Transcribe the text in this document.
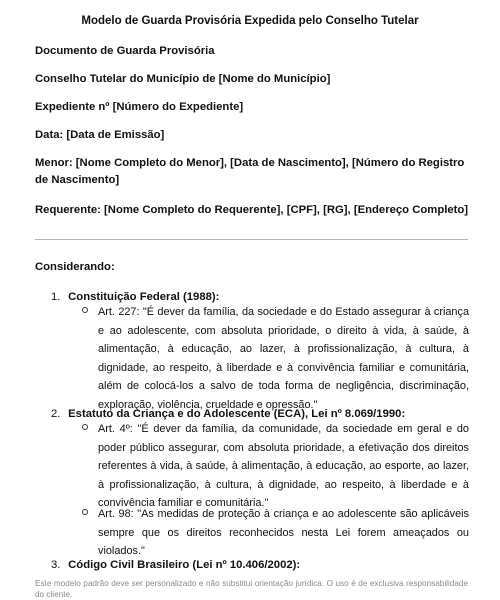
Modelo de Guarda Provisória Expedida pelo Conselho Tutelar

Documento de Guarda Provisória

Conselho Tutelar do Município de [Nome do Município]

Expediente nº [Número do Expediente]

Data: [Data de Emissão]

Menor: [Nome Completo do Menor], [Data de Nascimento], [Número do Registro de Nascimento]

Requerente: [Nome Completo do Requerente], [CPF], [RG], [Endereço Completo]

Considerando:

1. Constituição Federal (1988):
Art. 227: "É dever da família, da sociedade e do Estado assegurar à criança e ao adolescente, com absoluta prioridade, o direito à vida, à saúde, à alimentação, à educação, ao lazer, à profissionalização, à cultura, à dignidade, ao respeito, à liberdade e à convivência familiar e comunitária, além de colocá-los a salvo de toda forma de negligência, discriminação, exploração, violência, crueldade e opressão."
2. Estatuto da Criança e do Adolescente (ECA), Lei nº 8.069/1990:
Art. 4º: "É dever da família, da comunidade, da sociedade em geral e do poder público assegurar, com absoluta prioridade, a efetivação dos direitos referentes à vida, à saúde, à alimentação, à educação, ao esporte, ao lazer, à profissionalização, à cultura, à dignidade, ao respeito, à liberdade e à convivência familiar e comunitária."
Art. 98: "As medidas de proteção à criança e ao adolescente são aplicáveis sempre que os direitos reconhecidos nesta Lei forem ameaçados ou violados."
3. Código Civil Brasileiro (Lei nº 10.406/2002):
Este modelo padrão deve ser personalizado e não substitui orientação jurídica. O uso é de exclusiva responsabilidade do cliente.
